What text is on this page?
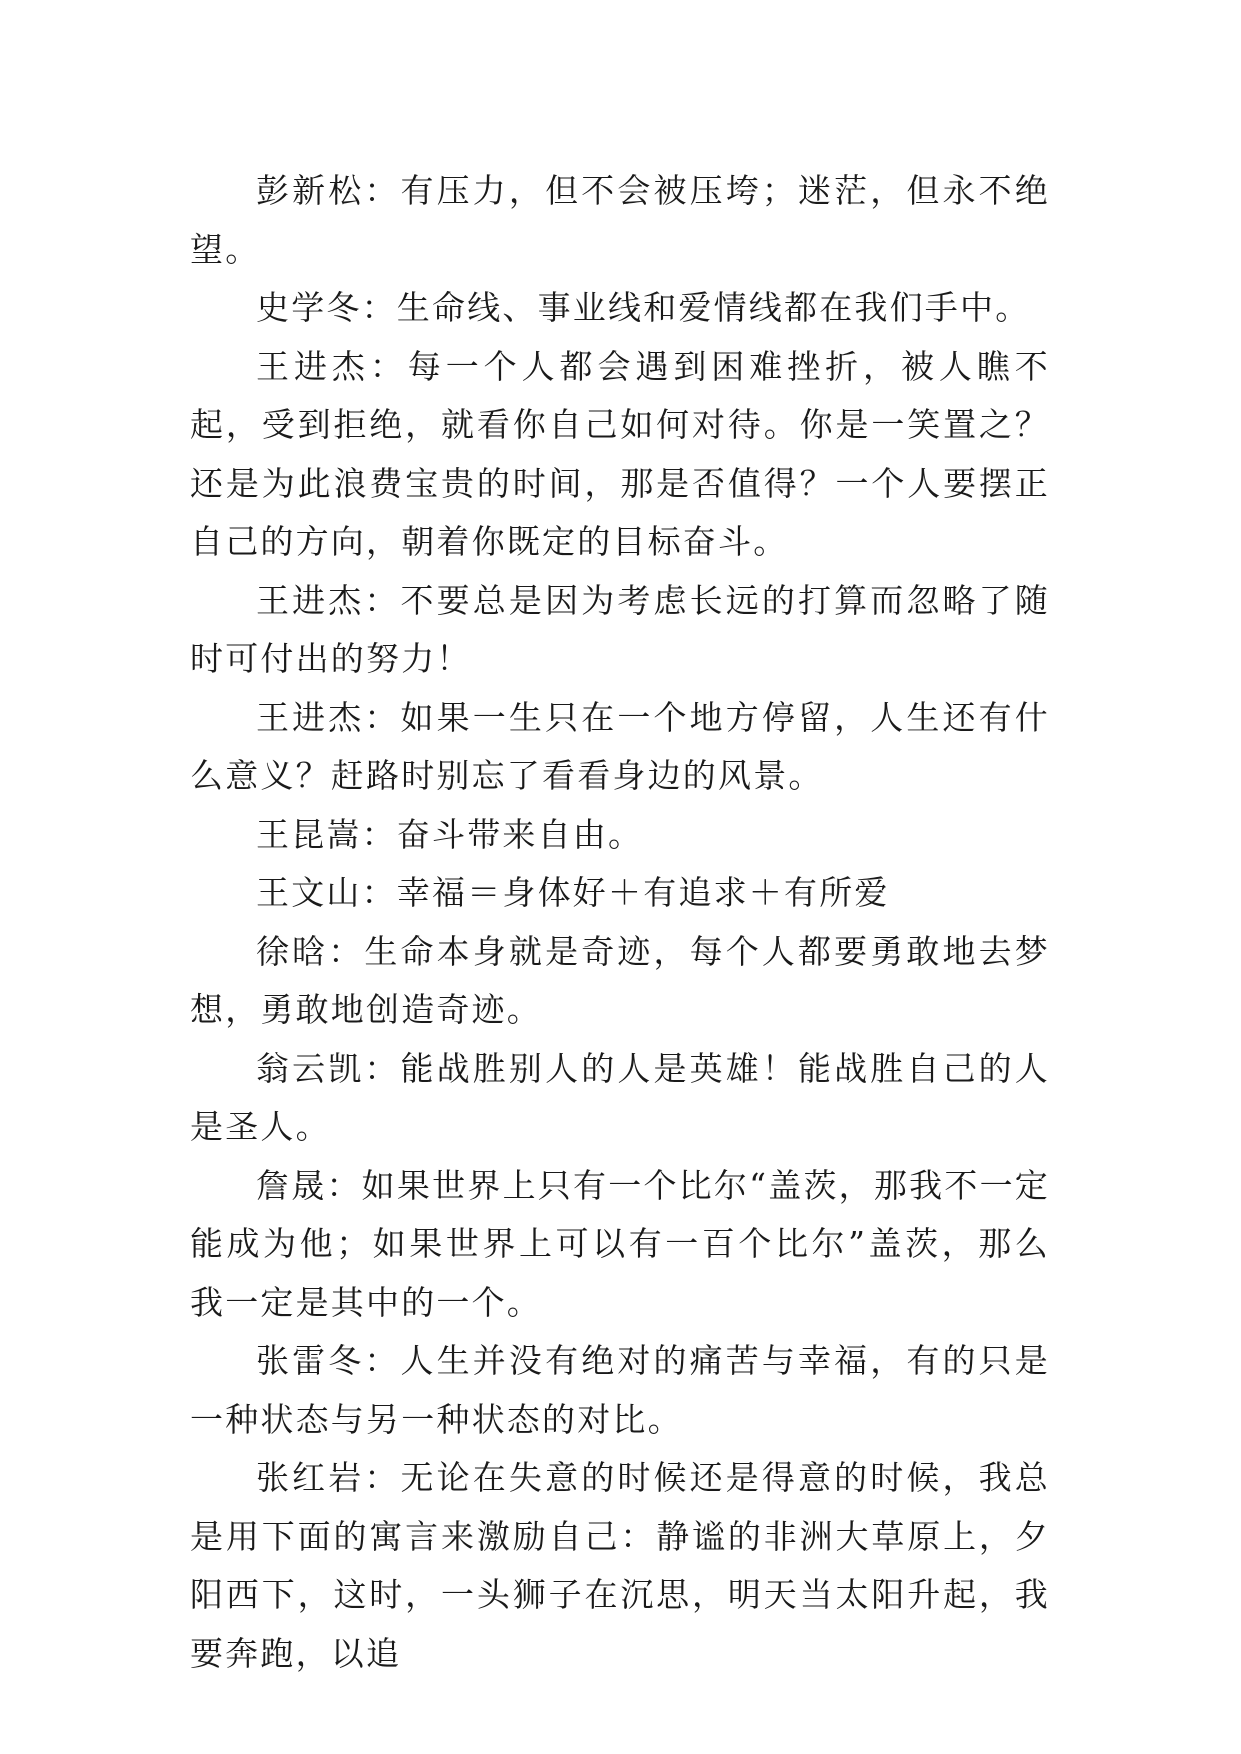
彭新松：有压力，但不会被压垮；迷茫，但永不绝望。

史学冬：生命线、事业线和爱情线都在我们手中。

王进杰：每一个人都会遇到困难挫折，被人瞧不起，受到拒绝，就看你自己如何对待。你是一笑置之？还是为此浪费宝贵的时间，那是否值得？一个人要摆正自己的方向，朝着你既定的目标奋斗。

王进杰：不要总是因为考虑长远的打算而忽略了随时可付出的努力！

王进杰：如果一生只在一个地方停留，人生还有什么意义？赶路时别忘了看看身边的风景。

王昆嵩：奋斗带来自由。

王文山：幸福＝身体好＋有追求＋有所爱

徐晗：生命本身就是奇迹，每个人都要勇敢地去梦想，勇敢地创造奇迹。

翁云凯：能战胜别人的人是英雄！能战胜自己的人是圣人。

詹晟：如果世界上只有一个比尔“盖茨，那我不一定能成为他；如果世界上可以有一百个比尔”盖茨，那么我一定是其中的一个。

张雷冬：人生并没有绝对的痛苦与幸福，有的只是一种状态与另一种状态的对比。

张红岩：无论在失意的时候还是得意的时候，我总是用下面的寓言来激励自己：静谧的非洲大草原上，夕阳西下，这时，一头狮子在沉思，明天当太阳升起，我要奔跑，以追
